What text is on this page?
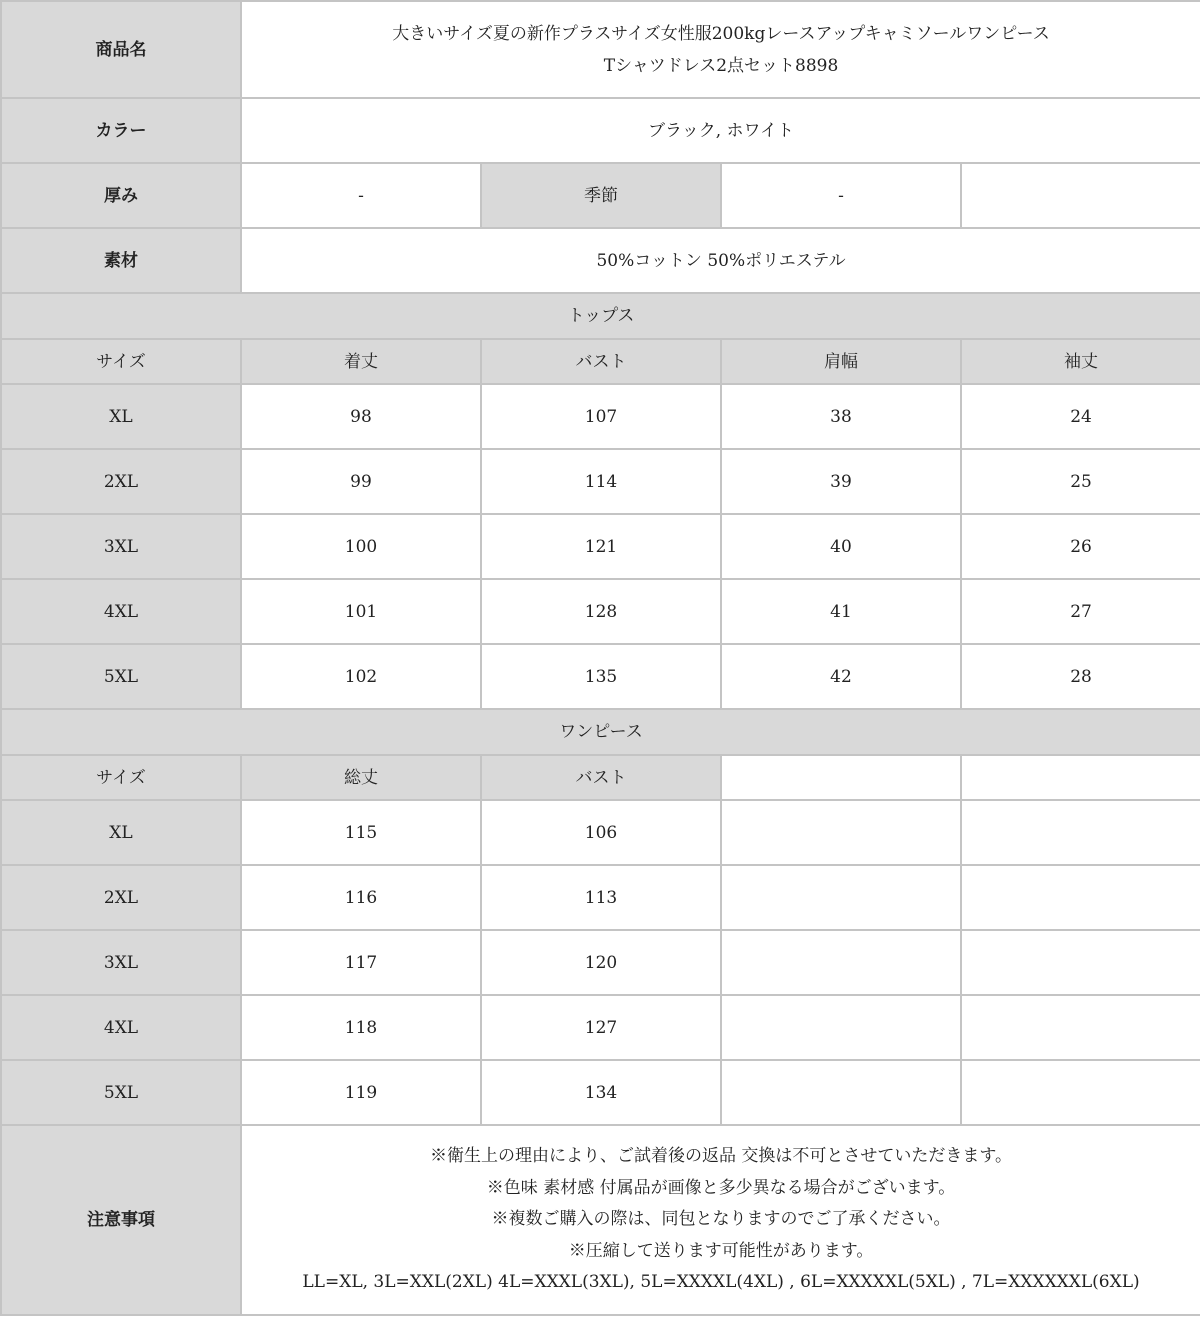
商品名	大きいサイズ夏の新作プラスサイズ女性服200kgレースアップキャミソールワンピース
Tシャツドレス2点セット8898			

カラー	ブラック, ホワイト			
厚み	-	季節	-	
素材	50%コットン 50%ポリエステル			
トップス				
サイズ	着丈	バスト	肩幅	袖丈
XL	98	107	38	24
2XL	99	114	39	25
3XL	100	121	40	26
4XL	101	128	41	27
5XL	102	135	42	28
ワンピース				
サイズ	総丈	バスト		
XL	115	106		
2XL	116	113		
3XL	117	120		
4XL	118	127		
5XL	119	134		
注意事項	※衛生上の理由により、ご試着後の返品 交換は不可とさせていただきます。
※色味 素材感 付属品が画像と多少異なる場合がございます。
※複数ご購入の際は、同包となりますのでご了承ください。
※圧縮して送ります可能性があります。
LL=XL, 3L=XXL(2XL) 4L=XXXL(3XL), 5L=XXXXL(4XL) , 6L=XXXXXL(5XL) , 7L=XXXXXXL(6XL)			
